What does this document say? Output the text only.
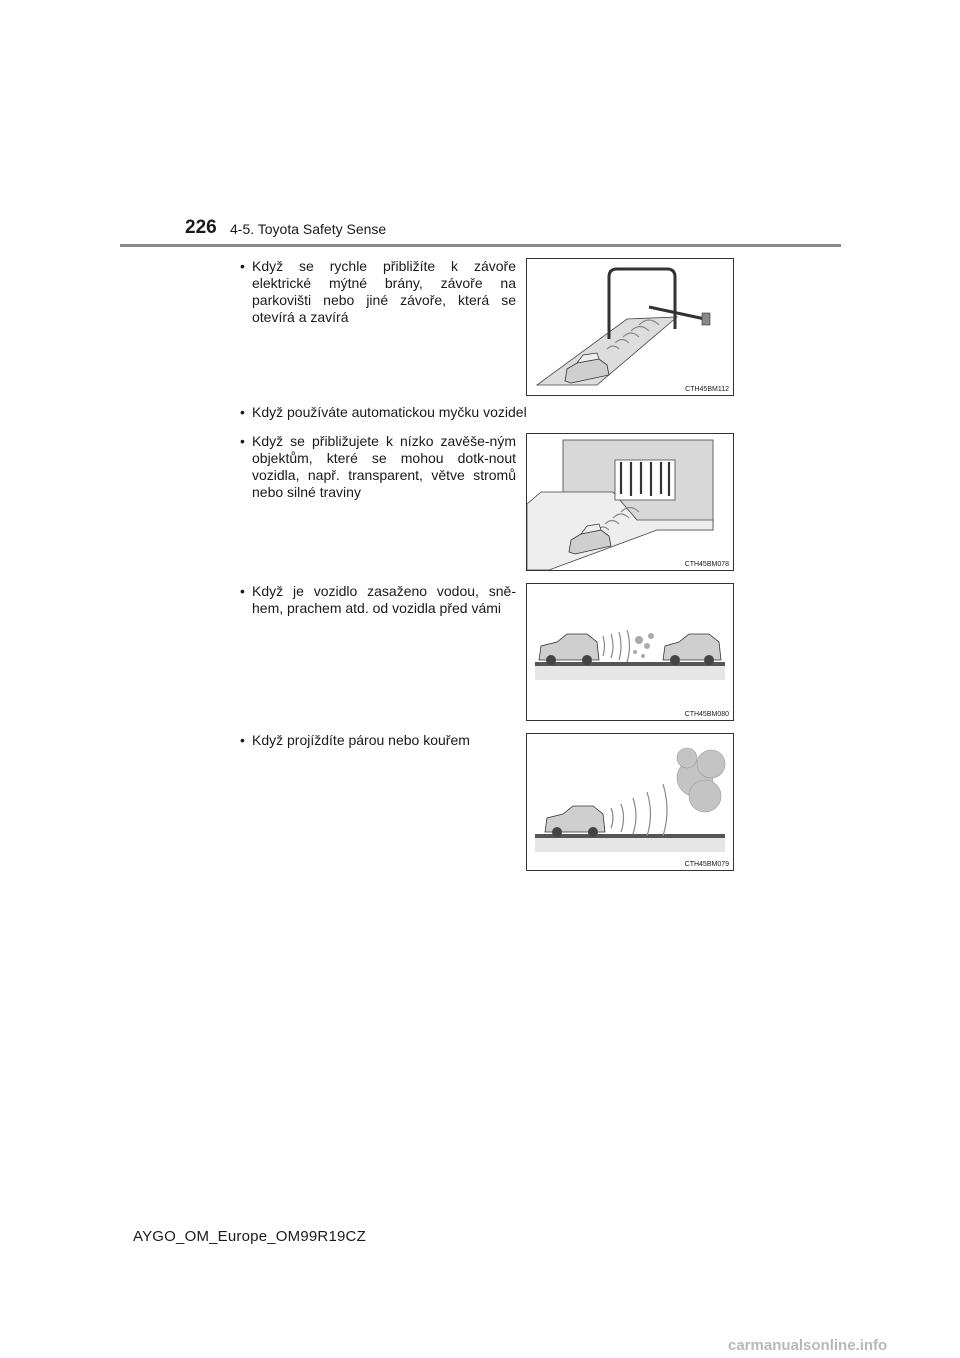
226 4-5. Toyota Safety Sense
• Když se rychle přibližíte k závoře elektrické mýtné brány, závoře na parkovišti nebo jiné závoře, která se otevírá a zavírá
CTH45BM112
• Když používáte automatickou myčku vozidel
• Když se přibližujete k nízko zavěše-ným objektům, které se mohou dotk-nout vozidla, např. transparent, větve stromů nebo silné traviny
CTH45BM078
• Když je vozidlo zasaženo vodou, sně-hem, prachem atd. od vozidla před vámi
CTH45BM080
• Když projíždíte párou nebo kouřem
CTH45BM079
AYGO_OM_Europe_OM99R19CZ
carmanualsonline.info
